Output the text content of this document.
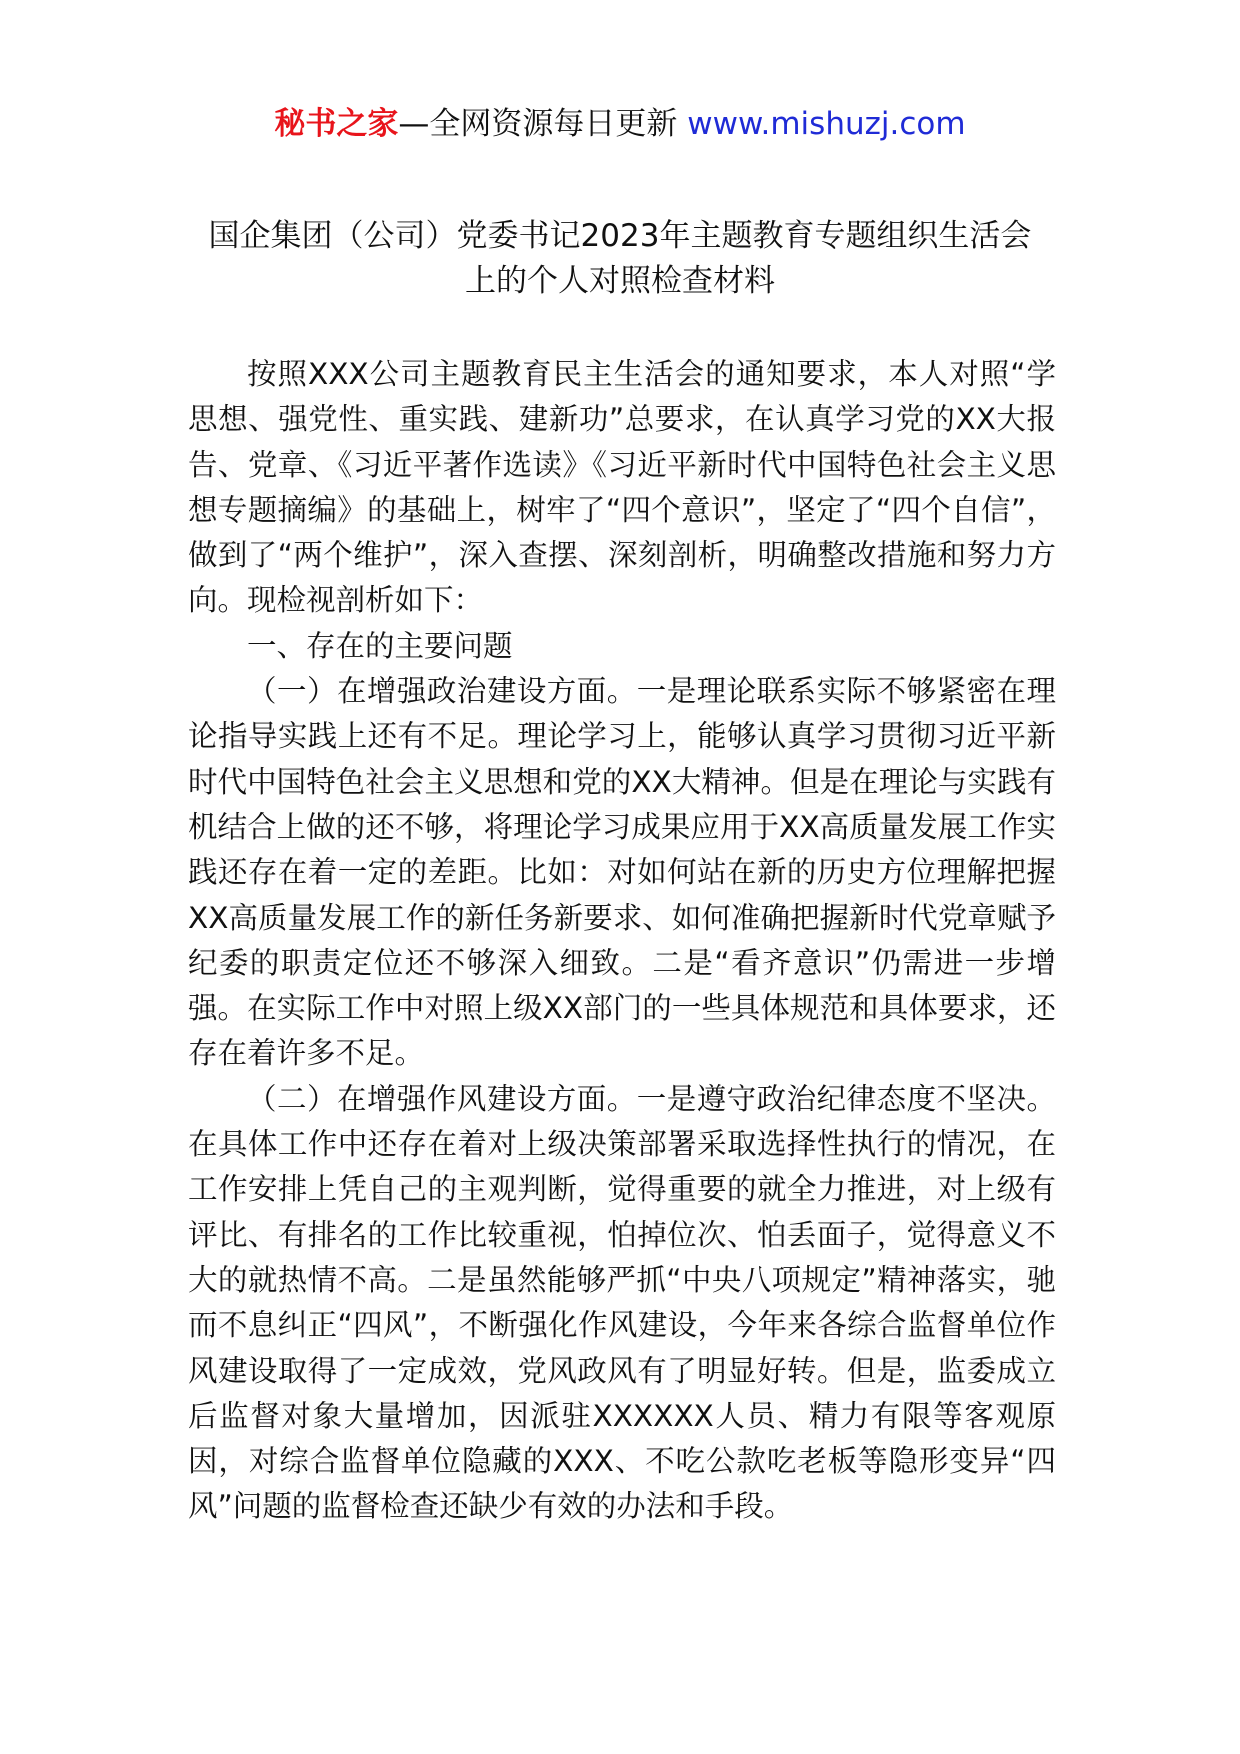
秘书之家—全网资源每日更新 www.mishuzj.com
国企集团（公司）党委书记2023年主题教育专题组织生活会
上的个人对照检查材料

按照XXX公司主题教育民主生活会的通知要求，本人对照“学思想、强党性、重实践、建新功”总要求，在认真学习党的XX大报告、党章、《习近平著作选读》《习近平新时代中国特色社会主义思想专题摘编》的基础上，树牢了“四个意识”，坚定了“四个自信”，做到了“两个维护”，深入查摆、深刻剖析，明确整改措施和努力方向。现检视剖析如下：

一、存在的主要问题

（一）在增强政治建设方面。一是理论联系实际不够紧密在理论指导实践上还有不足。理论学习上，能够认真学习贯彻习近平新时代中国特色社会主义思想和党的XX大精神。但是在理论与实践有机结合上做的还不够，将理论学习成果应用于XX高质量发展工作实践还存在着一定的差距。比如：对如何站在新的历史方位理解把握XX高质量发展工作的新任务新要求、如何准确把握新时代党章赋予纪委的职责定位还不够深入细致。二是“看齐意识”仍需进一步增强。在实际工作中对照上级XX部门的一些具体规范和具体要求，还存在着许多不足。

（二）在增强作风建设方面。一是遵守政治纪律态度不坚决。在具体工作中还存在着对上级决策部署采取选择性执行的情况，在工作安排上凭自己的主观判断，觉得重要的就全力推进，对上级有评比、有排名的工作比较重视，怕掉位次、怕丢面子，觉得意义不大的就热情不高。二是虽然能够严抓“中央八项规定”精神落实，驰而不息纠正“四风”，不断强化作风建设，今年来各综合监督单位作风建设取得了一定成效，党风政风有了明显好转。但是，监委成立后监督对象大量增加，因派驻XXXXXX人员、精力有限等客观原因，对综合监督单位隐藏的XXX、不吃公款吃老板等隐形变异“四风”问题的监督检查还缺少有效的办法和手段。
